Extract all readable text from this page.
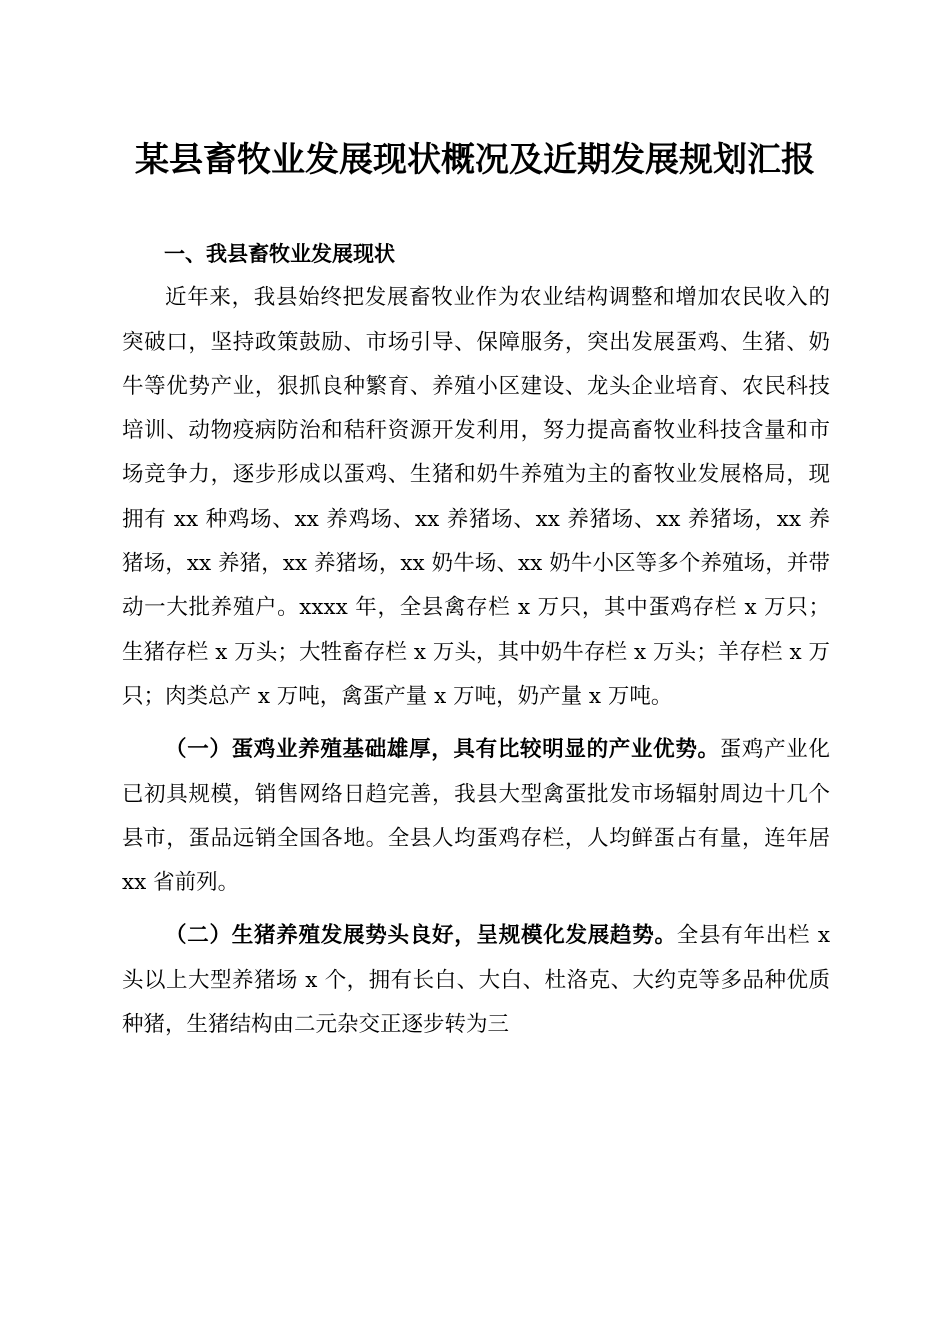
某县畜牧业发展现状概况及近期发展规划汇报

一、我县畜牧业发展现状

近年来，我县始终把发展畜牧业作为农业结构调整和增加农民收入的突破口，坚持政策鼓励、市场引导、保障服务，突出发展蛋鸡、生猪、奶牛等优势产业，狠抓良种繁育、养殖小区建设、龙头企业培育、农民科技培训、动物疫病防治和秸秆资源开发利用，努力提高畜牧业科技含量和市场竞争力，逐步形成以蛋鸡、生猪和奶牛养殖为主的畜牧业发展格局，现拥有 xx 种鸡场、xx 养鸡场、xx 养猪场、xx 养猪场、xx 养猪场，xx 养猪场，xx 养猪，xx 养猪场，xx 奶牛场、xx 奶牛小区等多个养殖场，并带动一大批养殖户。xxxx 年，全县禽存栏 x 万只，其中蛋鸡存栏 x 万只；生猪存栏 x 万头；大牲畜存栏 x 万头，其中奶牛存栏 x 万头；羊存栏 x 万只；肉类总产 x 万吨，禽蛋产量 x 万吨，奶产量 x 万吨。

（一）蛋鸡业养殖基础雄厚，具有比较明显的产业优势。蛋鸡产业化已初具规模，销售网络日趋完善，我县大型禽蛋批发市场辐射周边十几个县市，蛋品远销全国各地。全县人均蛋鸡存栏，人均鲜蛋占有量，连年居 xx 省前列。

（二）生猪养殖发展势头良好，呈规模化发展趋势。全县有年出栏 x 头以上大型养猪场 x 个，拥有长白、大白、杜洛克、大约克等多品种优质种猪，生猪结构由二元杂交正逐步转为三
